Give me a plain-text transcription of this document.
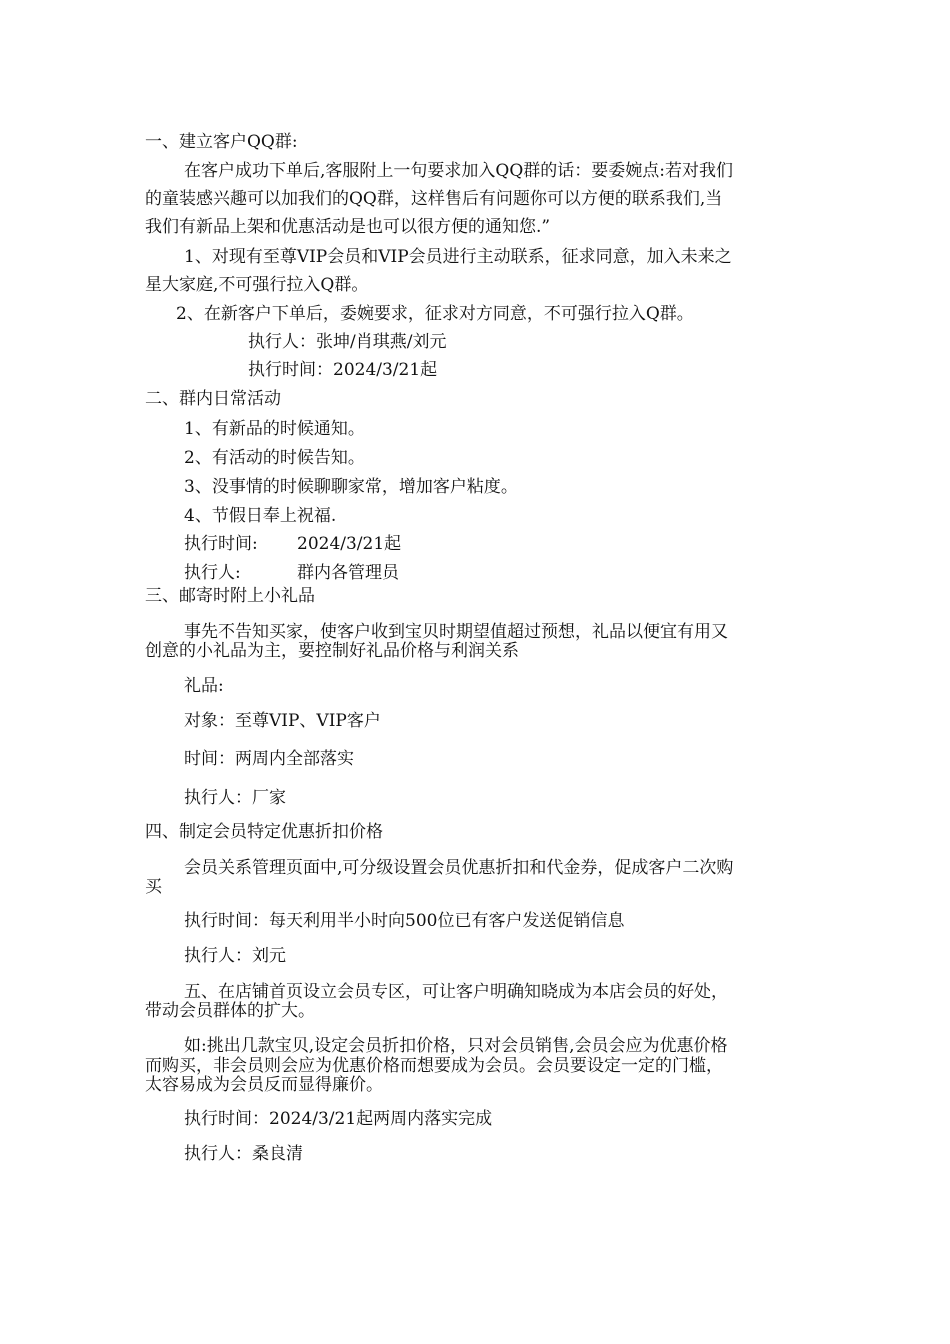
一、建立客户QQ群:
在客户成功下单后,客服附上一句要求加入QQ群的话：要委婉点:若对我们
的童装感兴趣可以加我们的QQ群，这样售后有问题你可以方便的联系我们,当
我们有新品上架和优惠活动是也可以很方便的通知您.”
1、对现有至尊VIP会员和VIP会员进行主动联系，征求同意，加入未来之
星大家庭,不可强行拉入Q群。
2、在新客户下单后，委婉要求，征求对方同意，不可强行拉入Q群。
执行人：张坤/肖琪燕/刘元
执行时间：2024/3/21起
二、群内日常活动
1、有新品的时候通知。
2、有活动的时候告知。
3、没事情的时候聊聊家常，增加客户粘度。
4、节假日奉上祝福.
执行时间: 2024/3/21起
执行人:	群内各管理员
三、邮寄时附上小礼品
事先不告知买家，使客户收到宝贝时期望值超过预想，礼品以便宜有用又
创意的小礼品为主，要控制好礼品价格与利润关系
礼品:
对象：至尊VIP、VIP客户
时间：两周内全部落实
执行人：厂家
四、制定会员特定优惠折扣价格
会员关系管理页面中,可分级设置会员优惠折扣和代金券，促成客户二次购
买
执行时间：每天利用半小时向500位已有客户发送促销信息
执行人：刘元
五、在店铺首页设立会员专区，可让客户明确知晓成为本店会员的好处，
带动会员群体的扩大。
如:挑出几款宝贝,设定会员折扣价格，只对会员销售,会员会应为优惠价格
而购买，非会员则会应为优惠价格而想要成为会员。会员要设定一定的门槛，
太容易成为会员反而显得廉价。
执行时间：2024/3/21起两周内落实完成
执行人：桑良清
